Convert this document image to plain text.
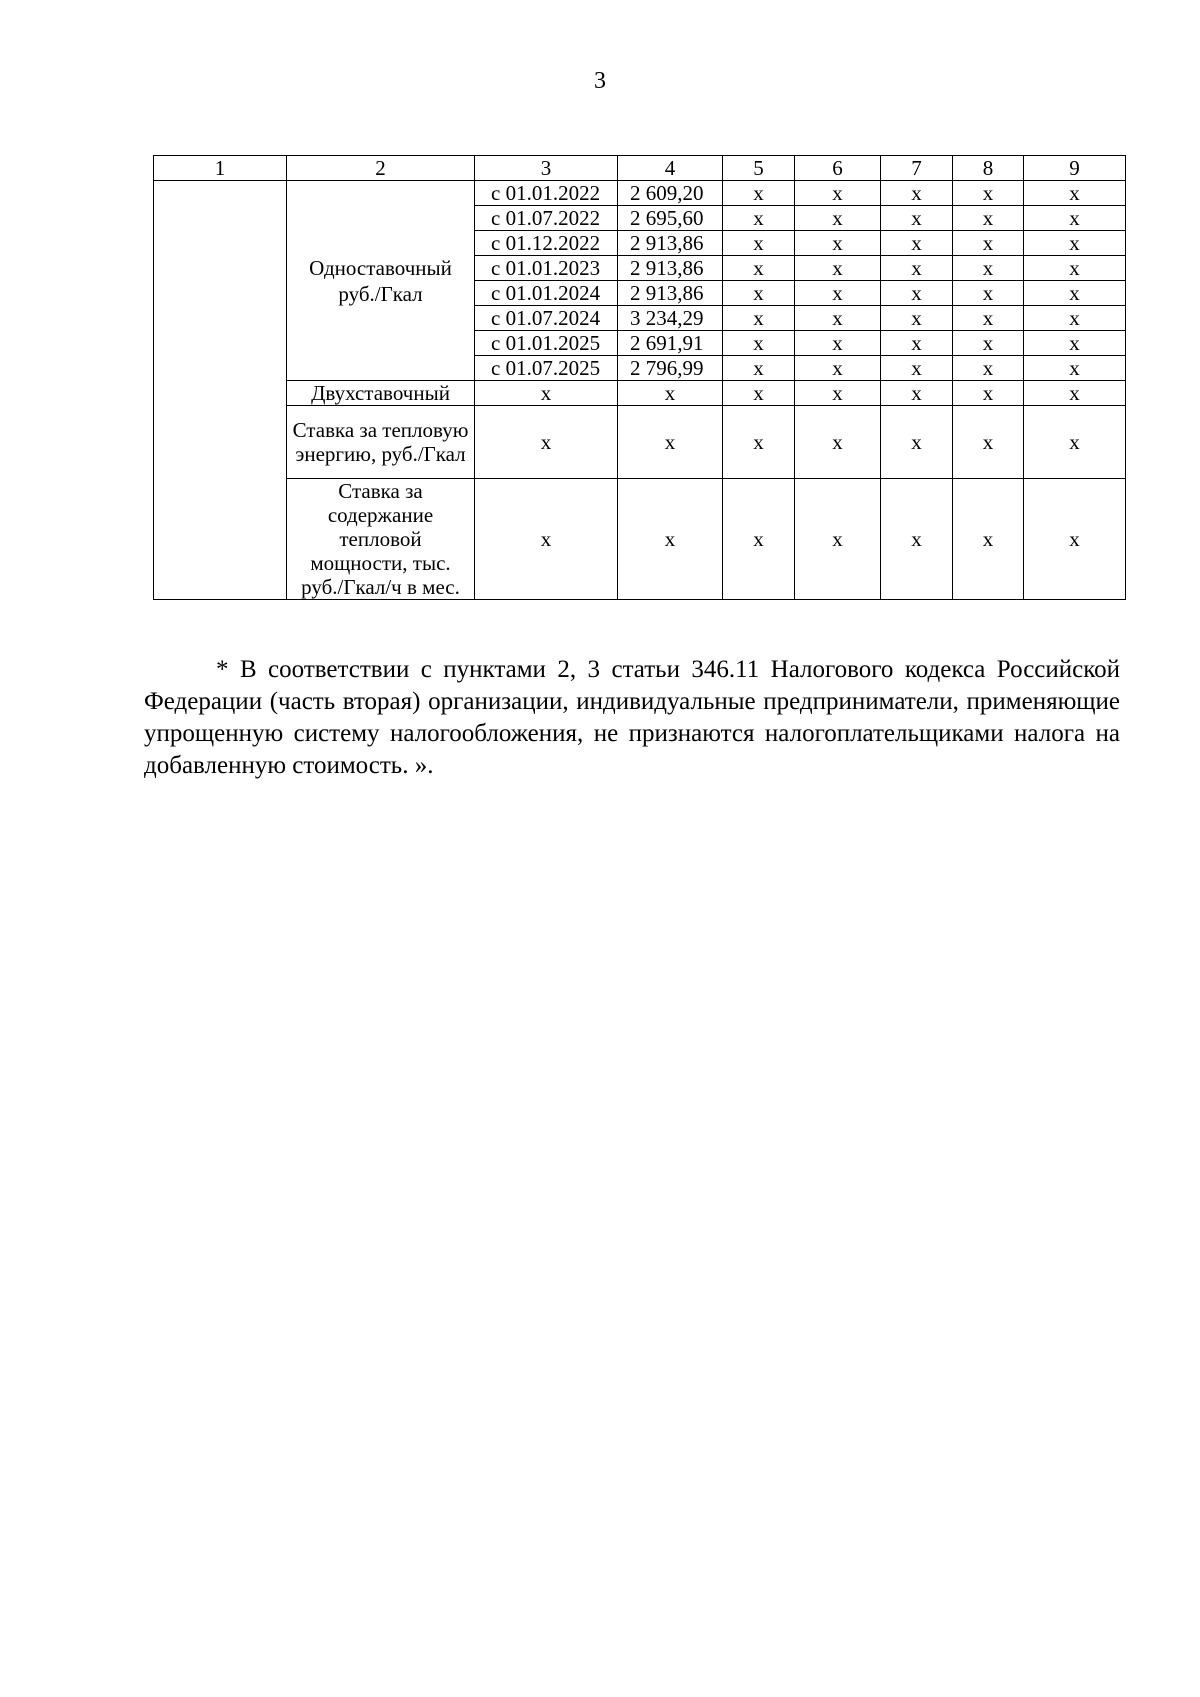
3
1	2	3	4	5	6	7	8	9
	Одноставочный руб./Гкал	с 01.01.2022	2 609,20	х	х	х	х	х
		с 01.07.2022	2 695,60	х	х	х	х	х
		с 01.12.2022	2 913,86	х	х	х	х	х
		с 01.01.2023	2 913,86	х	х	х	х	х
		с 01.01.2024	2 913,86	х	х	х	х	х
		с 01.07.2024	3 234,29	х	х	х	х	х
		с 01.01.2025	2 691,91	х	х	х	х	х
		с 01.07.2025	2 796,99	х	х	х	х	х
	Двухставочный	х	х	х	х	х	х	х
	Ставка за тепловую энергию, руб./Гкал	х	х	х	х	х	х	х
	Ставка за содержание тепловой мощности, тыс. руб./Гкал/ч в мес.	х	х	х	х	х	х	х

* В соответствии с пунктами 2, 3 статьи 346.11 Налогового кодекса Российской Федерации (часть вторая) организации, индивидуальные предприниматели, применяющие упрощенную систему налогообложения, не признаются налогоплательщиками налога на добавленную стоимость. ».
